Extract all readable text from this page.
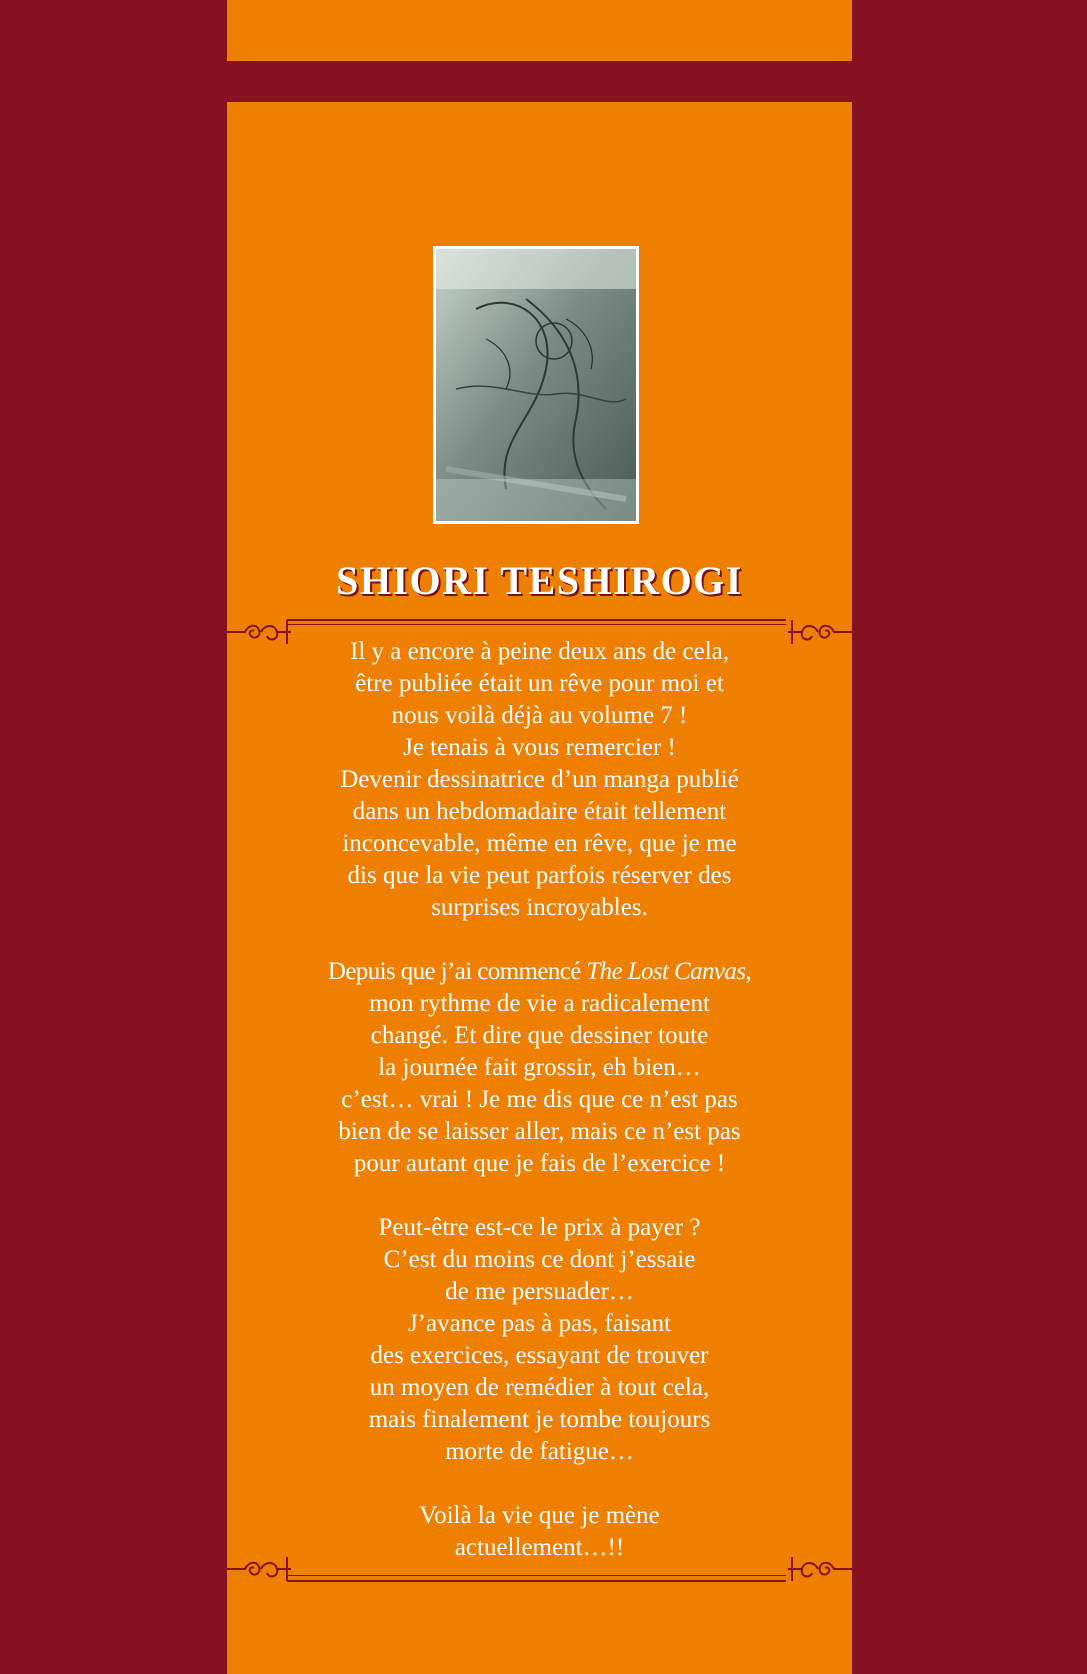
SHIORI TESHIROGI

Il y a encore à peine deux ans de cela,
être publiée était un rêve pour moi et
nous voilà déjà au volume 7 !
Je tenais à vous remercier !
Devenir dessinatrice d’un manga publié
dans un hebdomadaire était tellement
inconcevable, même en rêve, que je me
dis que la vie peut parfois réserver des
surprises incroyables.

Depuis que j’ai commencé The Lost Canvas,
mon rythme de vie a radicalement
changé. Et dire que dessiner toute
la journée fait grossir, eh bien…
c’est… vrai ! Je me dis que ce n’est pas
bien de se laisser aller, mais ce n’est pas
pour autant que je fais de l’exercice !

Peut-être est-ce le prix à payer ?
C’est du moins ce dont j’essaie
de me persuader…
J’avance pas à pas, faisant
des exercices, essayant de trouver
un moyen de remédier à tout cela,
mais finalement je tombe toujours
morte de fatigue…

Voilà la vie que je mène
actuellement…!!
